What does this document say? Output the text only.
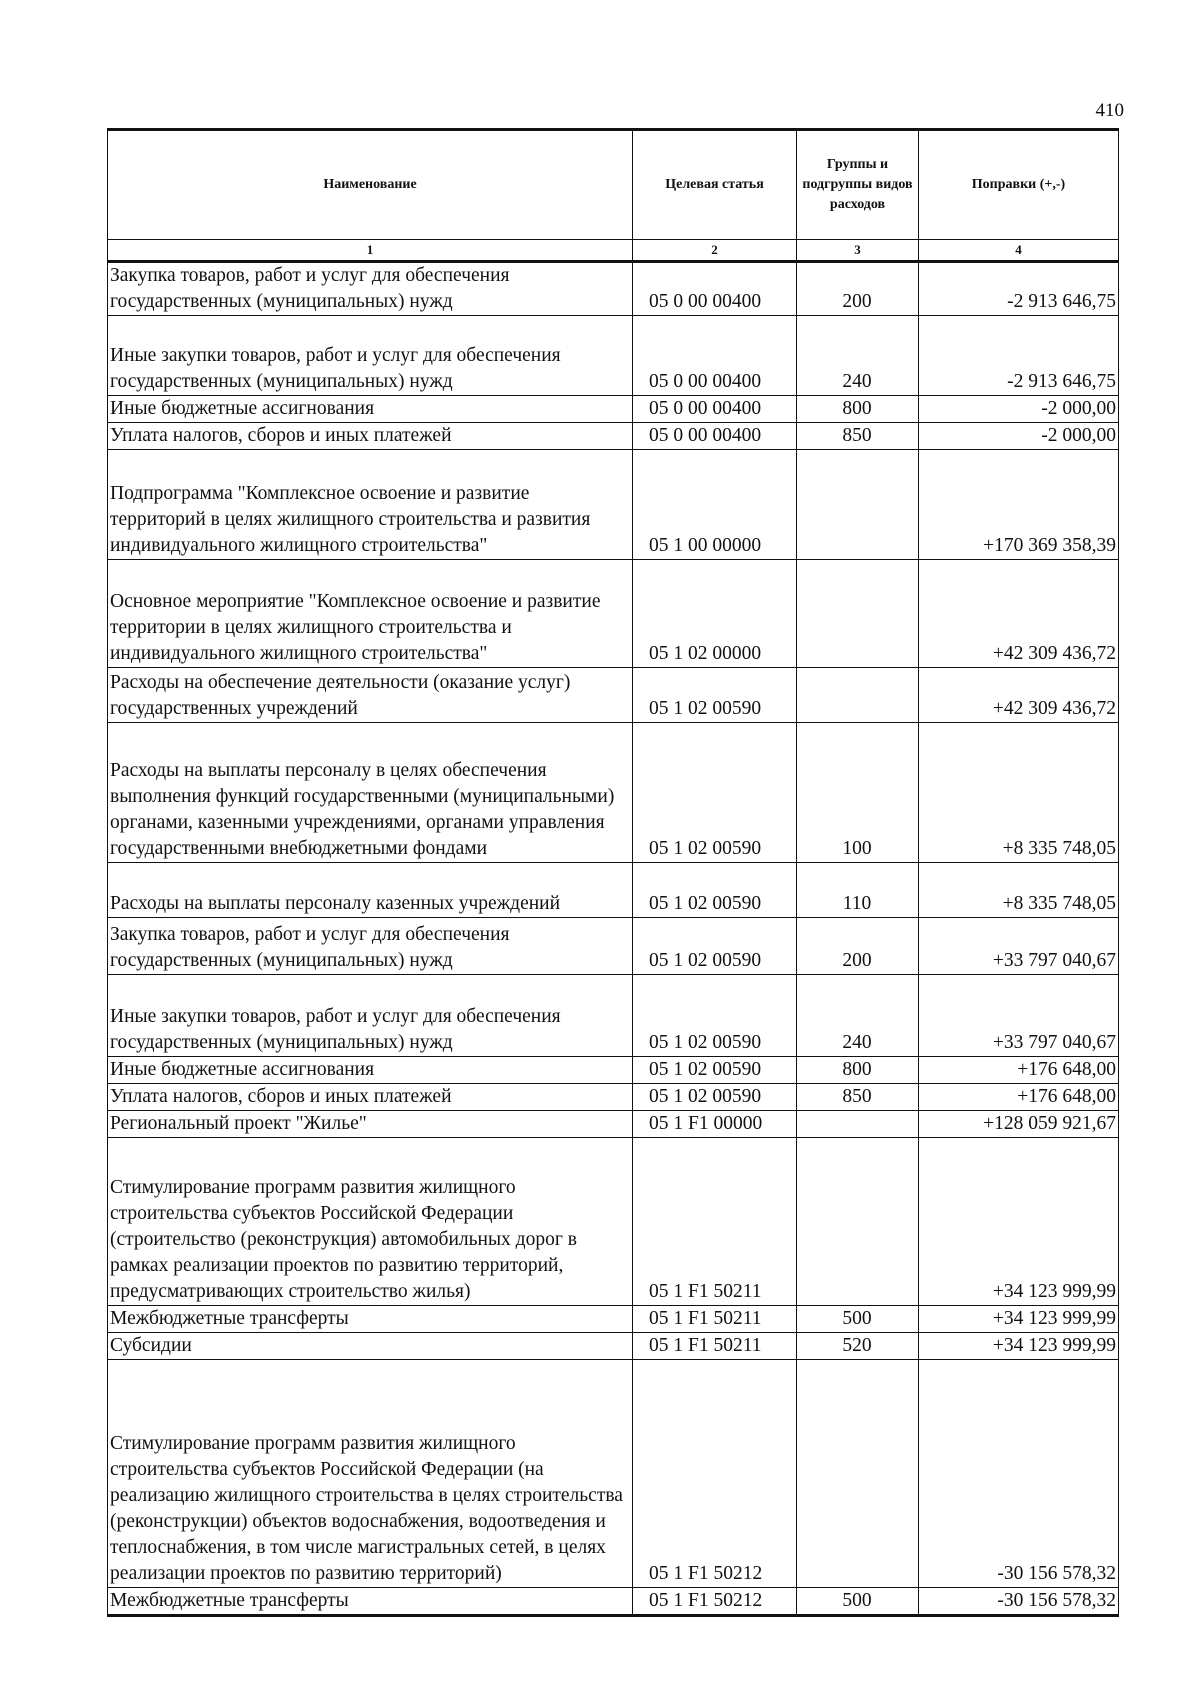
410
Наименование	Целевая статья	Группы и подгруппы видов расходов	Поправки (+,-)
1	2	3	4
Закупка товаров, работ и услуг для обеспечения государственных (муниципальных) нужд	05 0 00 00400	200	-2 913 646,75
Иные закупки товаров, работ и услуг для обеспечения государственных (муниципальных) нужд	05 0 00 00400	240	-2 913 646,75
Иные бюджетные ассигнования	05 0 00 00400	800	-2 000,00
Уплата налогов, сборов и иных платежей	05 0 00 00400	850	-2 000,00
Подпрограмма "Комплексное освоение и развитие территорий в целях жилищного строительства и развития индивидуального жилищного строительства"	05 1 00 00000		+170 369 358,39
Основное мероприятие "Комплексное освоение и развитие территории в целях жилищного строительства и индивидуального жилищного строительства"	05 1 02 00000		+42 309 436,72
Расходы на обеспечение деятельности (оказание услуг) государственных учреждений	05 1 02 00590		+42 309 436,72
Расходы на выплаты персоналу в целях обеспечения выполнения функций государственными (муниципальными) органами, казенными учреждениями, органами управления государственными внебюджетными фондами	05 1 02 00590	100	+8 335 748,05
Расходы на выплаты персоналу казенных учреждений	05 1 02 00590	110	+8 335 748,05
Закупка товаров, работ и услуг для обеспечения государственных (муниципальных) нужд	05 1 02 00590	200	+33 797 040,67
Иные закупки товаров, работ и услуг для обеспечения государственных (муниципальных) нужд	05 1 02 00590	240	+33 797 040,67
Иные бюджетные ассигнования	05 1 02 00590	800	+176 648,00
Уплата налогов, сборов и иных платежей	05 1 02 00590	850	+176 648,00
Региональный проект "Жилье"	05 1 F1 00000		+128 059 921,67
Стимулирование программ развития жилищного строительства субъектов Российской Федерации (строительство (реконструкция) автомобильных дорог в рамках реализации проектов по развитию территорий, предусматривающих строительство жилья)	05 1 F1 50211		+34 123 999,99
Межбюджетные трансферты	05 1 F1 50211	500	+34 123 999,99
Субсидии	05 1 F1 50211	520	+34 123 999,99
Стимулирование программ развития жилищного строительства субъектов Российской Федерации (на реализацию жилищного строительства в целях строительства (реконструкции) объектов водоснабжения, водоотведения и теплоснабжения, в том числе магистральных сетей, в целях реализации проектов по развитию территорий)	05 1 F1 50212		-30 156 578,32
Межбюджетные трансферты	05 1 F1 50212	500	-30 156 578,32
